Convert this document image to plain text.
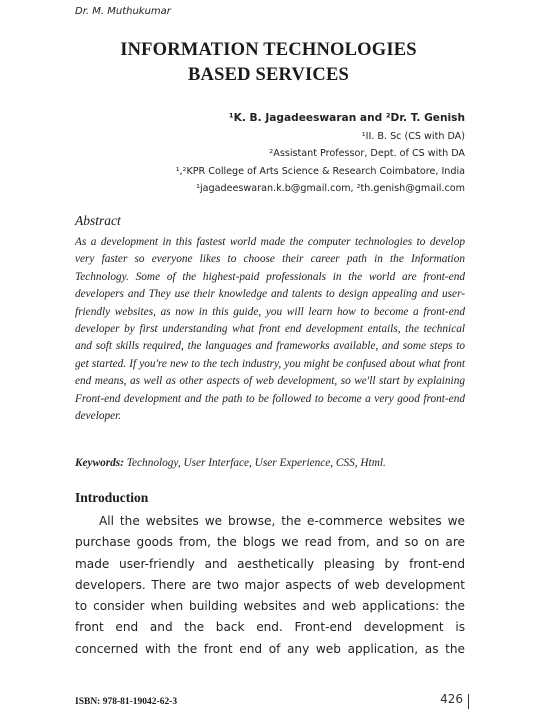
Dr. M. Muthukumar
INFORMATION TECHNOLOGIES
BASED SERVICES
¹K. B. Jagadeeswaran and ²Dr. T. Genish
¹II. B. Sc (CS with DA)
²Assistant Professor, Dept. of CS with DA
¹,²KPR College of Arts Science & Research Coimbatore, India
¹jagadeeswaran.k.b@gmail.com, ²th.genish@gmail.com
Abstract
As a development in this fastest world made the computer technologies to develop very faster so everyone likes to choose their career path in the Information Technology. Some of the highest-paid professionals in the world are front-end developers and They use their knowledge and talents to design appealing and user-friendly websites, as now in this guide, you will learn how to become a front-end developer by first understanding what front end development entails, the technical and soft skills required, the languages and frameworks available, and some steps to get started. If you're new to the tech industry, you might be confused about what front end means, as well as other aspects of web development, so we'll start by explaining Front-end development and the path to be followed to become a very good front-end developer.
Keywords: Technology, User Interface, User Experience, CSS, Html.
Introduction
All the websites we browse, the e-commerce websites we
purchase goods from, the blogs we read from, and so on are
made user-friendly and aesthetically pleasing by front-end
developers. There are two major aspects of web development
to consider when building websites and web applications: the
front end and the back end. Front-end development is
concerned with the front end of any web application, as the
ISBN: 978-81-19042-62-3	426
